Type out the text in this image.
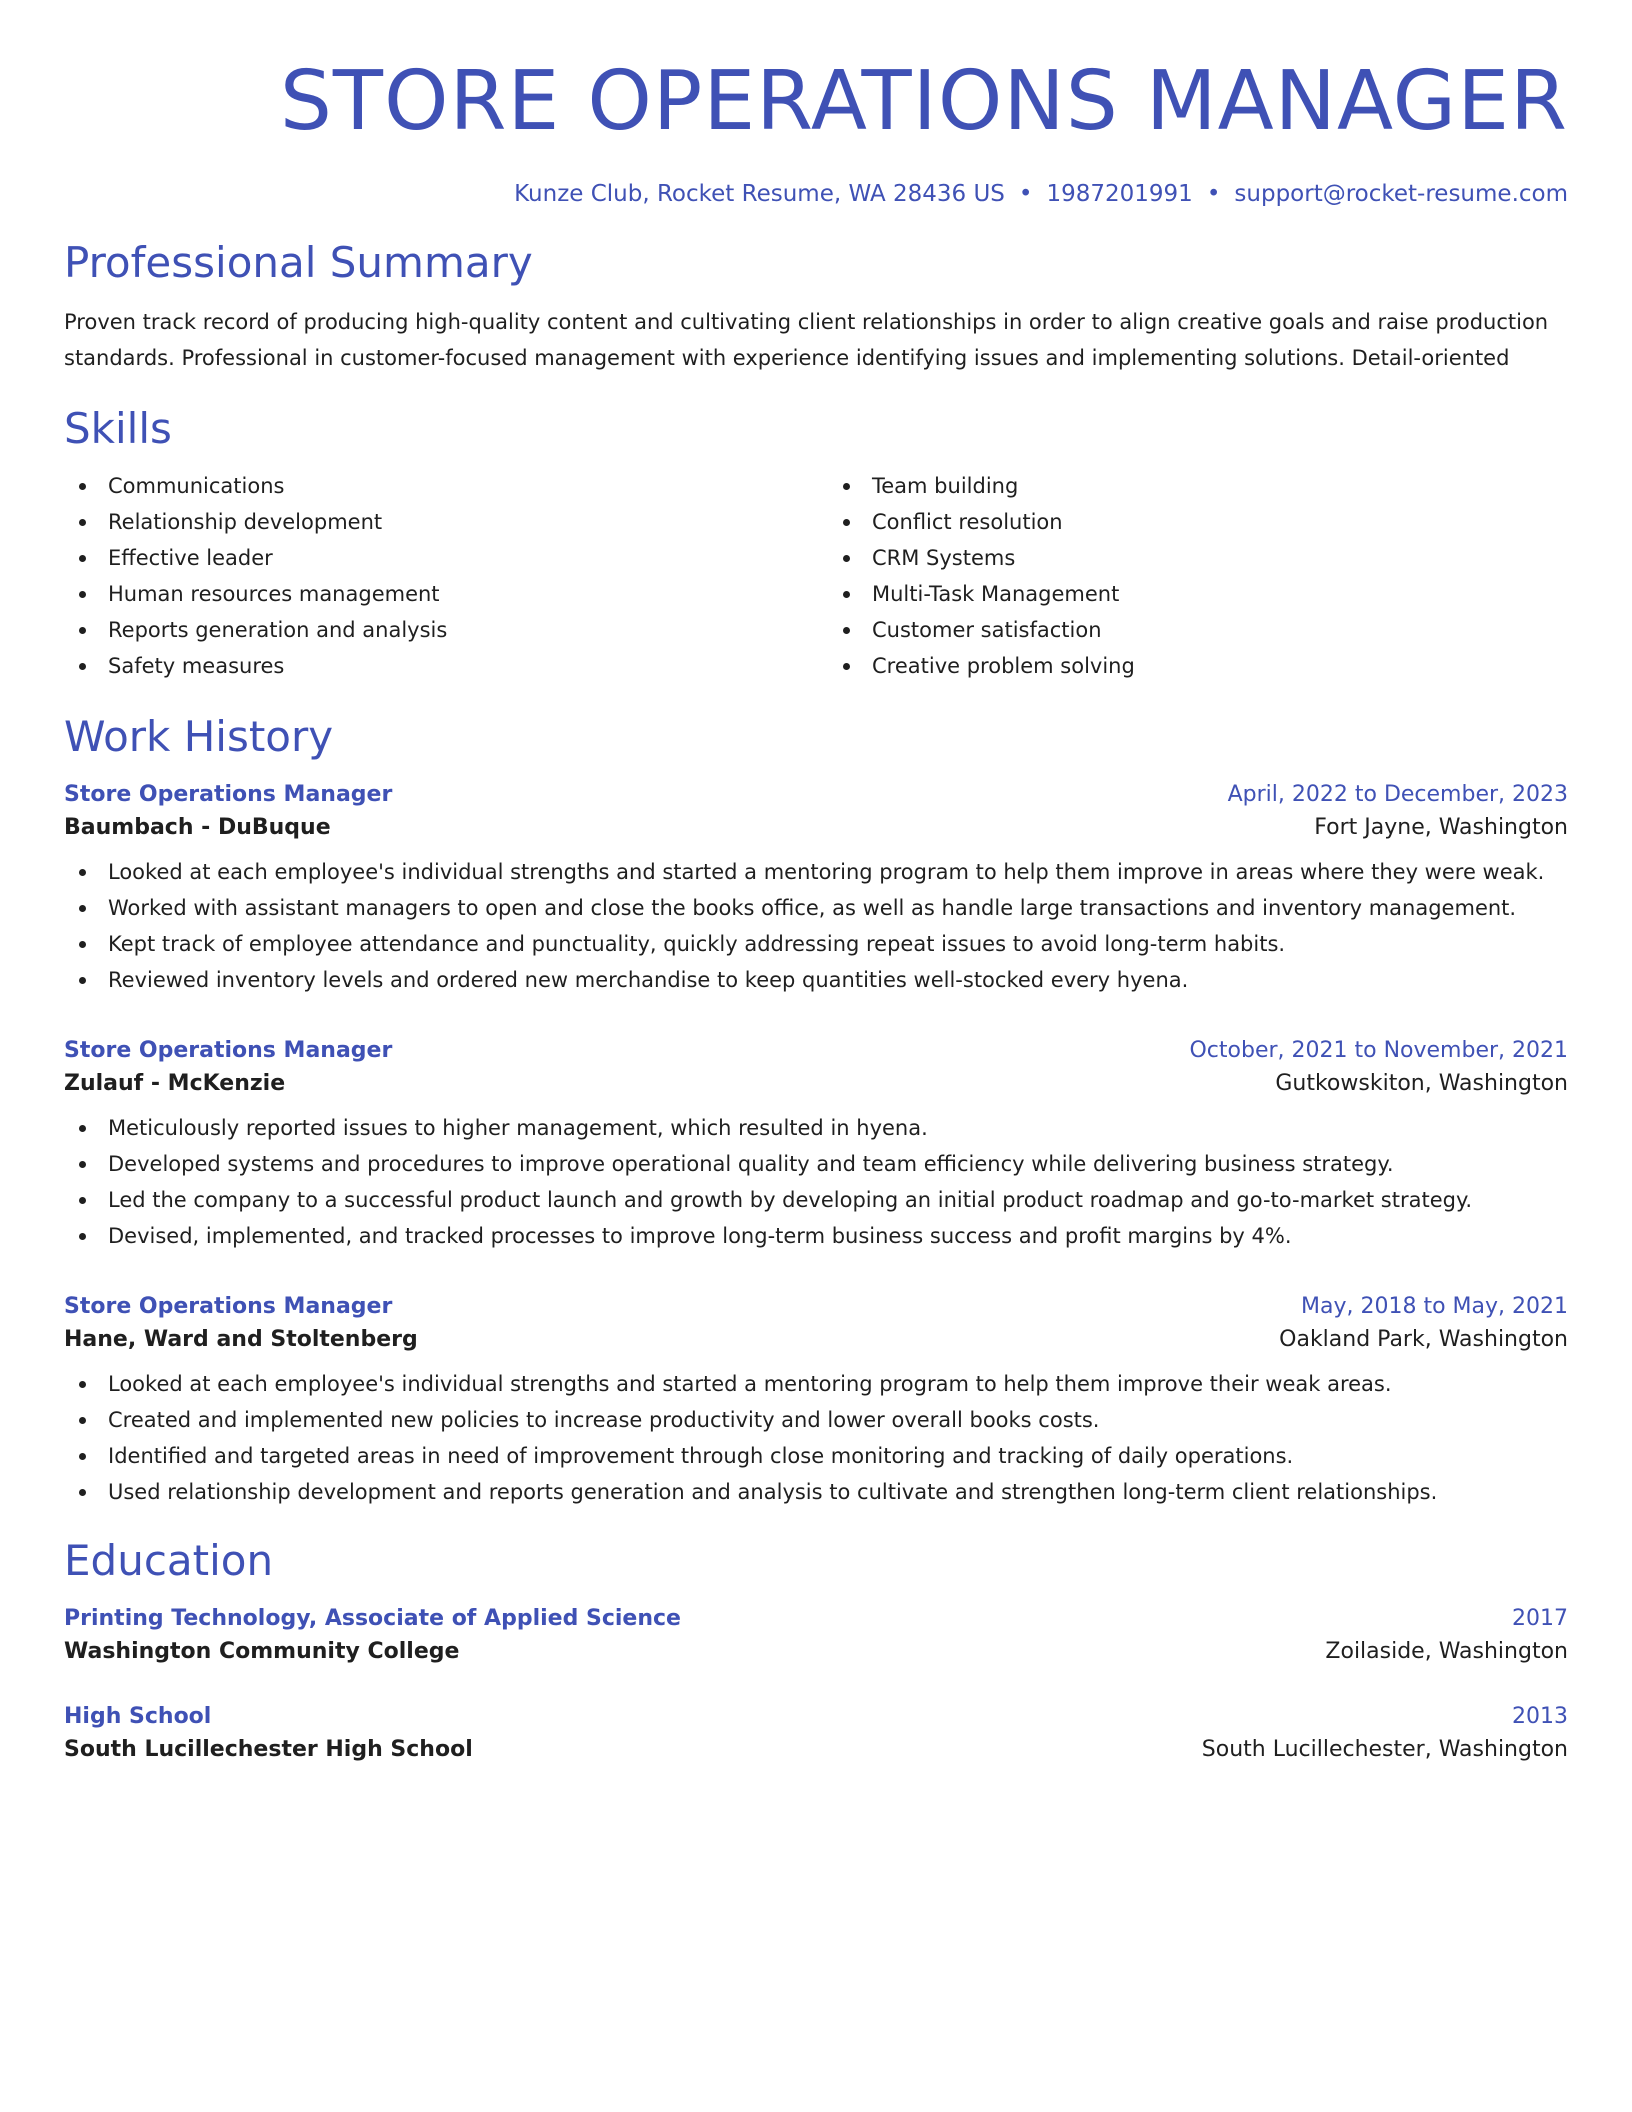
STORE OPERATIONS MANAGER
Kunze Club, Rocket Resume, WA 28436 US • 1987201991 • support@rocket-resume.com
Professional Summary

Proven track record of producing high-quality content and cultivating client relationships in order to align creative goals and raise production standards. Professional in customer-focused management with experience identifying issues and implementing solutions. Detail-oriented

Skills
Communications
Relationship development
Effective leader
Human resources management
Reports generation and analysis
Safety measures
Team building
Conflict resolution
CRM Systems
Multi-Task Management
Customer satisfaction
Creative problem solving
Work History
Store Operations Manager	April, 2022 to December, 2023
Baumbach - DuBuque	Fort Jayne, Washington
Looked at each employee's individual strengths and started a mentoring program to help them improve in areas where they were weak.
Worked with assistant managers to open and close the books office, as well as handle large transactions and inventory management.
Kept track of employee attendance and punctuality, quickly addressing repeat issues to avoid long-term habits.
Reviewed inventory levels and ordered new merchandise to keep quantities well-stocked every hyena.
Store Operations Manager	October, 2021 to November, 2021
Zulauf - McKenzie	Gutkowskiton, Washington
Meticulously reported issues to higher management, which resulted in hyena.
Developed systems and procedures to improve operational quality and team efficiency while delivering business strategy.
Led the company to a successful product launch and growth by developing an initial product roadmap and go-to-market strategy.
Devised, implemented, and tracked processes to improve long-term business success and profit margins by 4%.
Store Operations Manager	May, 2018 to May, 2021
Hane, Ward and Stoltenberg	Oakland Park, Washington
Looked at each employee's individual strengths and started a mentoring program to help them improve their weak areas.
Created and implemented new policies to increase productivity and lower overall books costs.
Identified and targeted areas in need of improvement through close monitoring and tracking of daily operations.
Used relationship development and reports generation and analysis to cultivate and strengthen long-term client relationships.
Education
Printing Technology, Associate of Applied Science	2017
Washington Community College	Zoilaside, Washington
High School	2013
South Lucillechester High School	South Lucillechester, Washington
